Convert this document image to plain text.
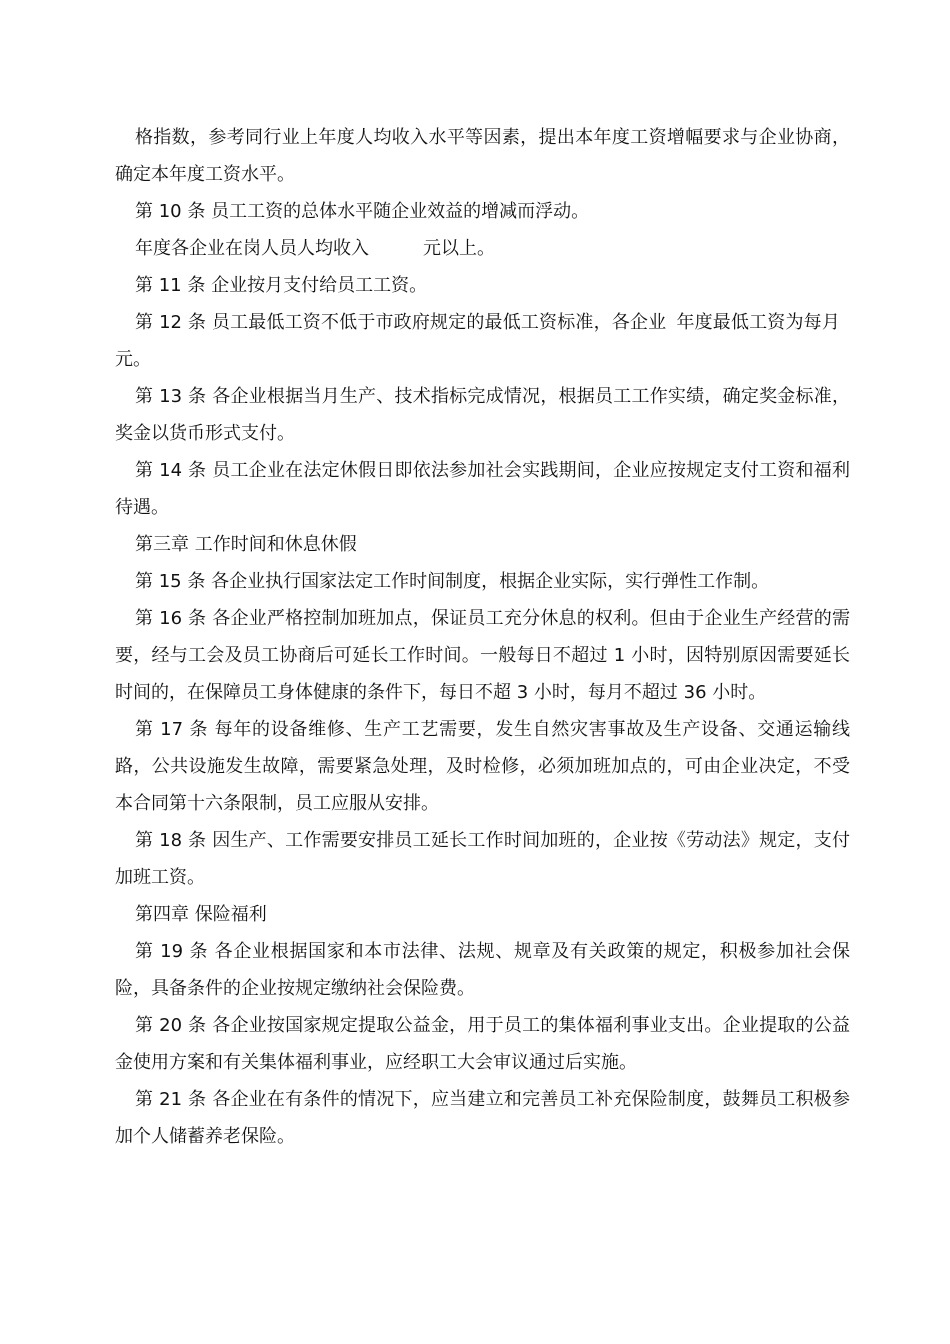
格指数，参考同行业上年度人均收入水平等因素，提出本年度工资增幅要求与企业协商，确定本年度工资水平。

第 10 条 员工工资的总体水平随企业效益的增减而浮动。

年度各企业在岗人员人均收入	元以上。

第 11 条 企业按月支付给员工工资。

第 12 条 员工最低工资不低于市政府规定的最低工资标准，各企业 年度最低工资为每月元。

第 13 条 各企业根据当月生产、技术指标完成情况，根据员工工作实绩，确定奖金标准，奖金以货币形式支付。

第 14 条 员工企业在法定休假日即依法参加社会实践期间，企业应按规定支付工资和福利待遇。

第三章 工作时间和休息休假

第 15 条 各企业执行国家法定工作时间制度，根据企业实际，实行弹性工作制。

第 16 条 各企业严格控制加班加点，保证员工充分休息的权利。但由于企业生产经营的需要，经与工会及员工协商后可延长工作时间。一般每日不超过 1 小时，因特别原因需要延长时间的，在保障员工身体健康的条件下，每日不超 3 小时，每月不超过 36 小时。

第 17 条 每年的设备维修、生产工艺需要，发生自然灾害事故及生产设备、交通运输线路，公共设施发生故障，需要紧急处理，及时检修，必须加班加点的，可由企业决定，不受本合同第十六条限制，员工应服从安排。

第 18 条 因生产、工作需要安排员工延长工作时间加班的，企业按《劳动法》规定，支付加班工资。

第四章 保险福利

第 19 条 各企业根据国家和本市法律、法规、规章及有关政策的规定，积极参加社会保险，具备条件的企业按规定缴纳社会保险费。

第 20 条 各企业按国家规定提取公益金，用于员工的集体福利事业支出。企业提取的公益金使用方案和有关集体福利事业，应经职工大会审议通过后实施。

第 21 条 各企业在有条件的情况下，应当建立和完善员工补充保险制度，鼓舞员工积极参加个人储蓄养老保险。
